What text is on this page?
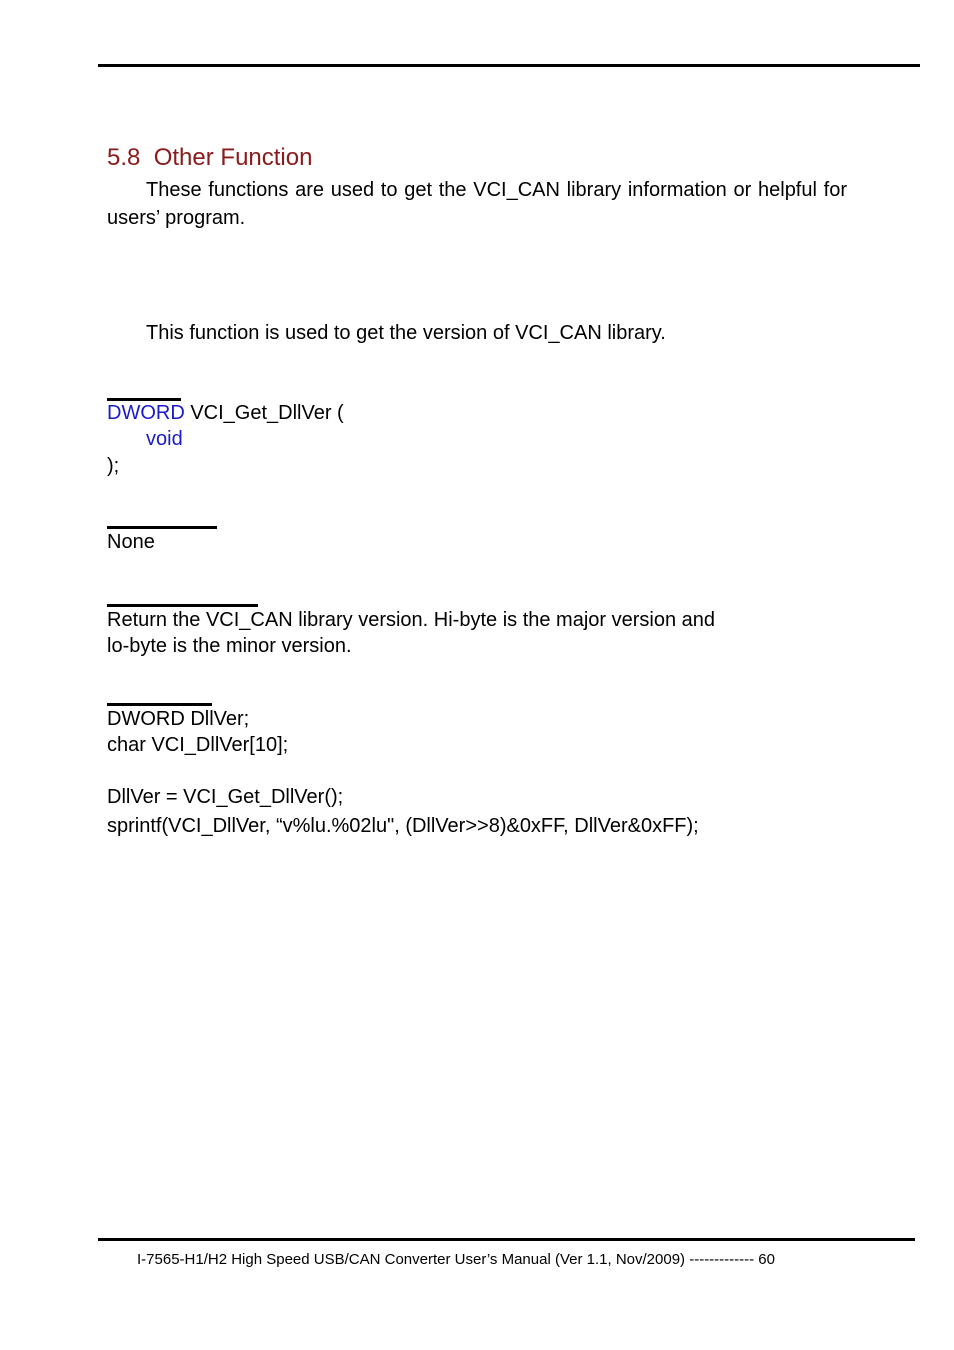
5.8 Other Function
These functions are used to get the VCI_CAN library information or helpful for users’ program.
This function is used to get the version of VCI_CAN library.
DWORD VCI_Get_DllVer (
void
);
None
Return the VCI_CAN library version. Hi-byte is the major version and
lo-byte is the minor version.
DWORD DllVer;
char VCI_DllVer[10];
DllVer = VCI_Get_DllVer();
sprintf(VCI_DllVer, “v%lu.%02lu", (DllVer>>8)&0xFF, DllVer&0xFF);
I-7565-H1/H2 High Speed USB/CAN Converter User’s Manual (Ver 1.1, Nov/2009) ------------- 60
